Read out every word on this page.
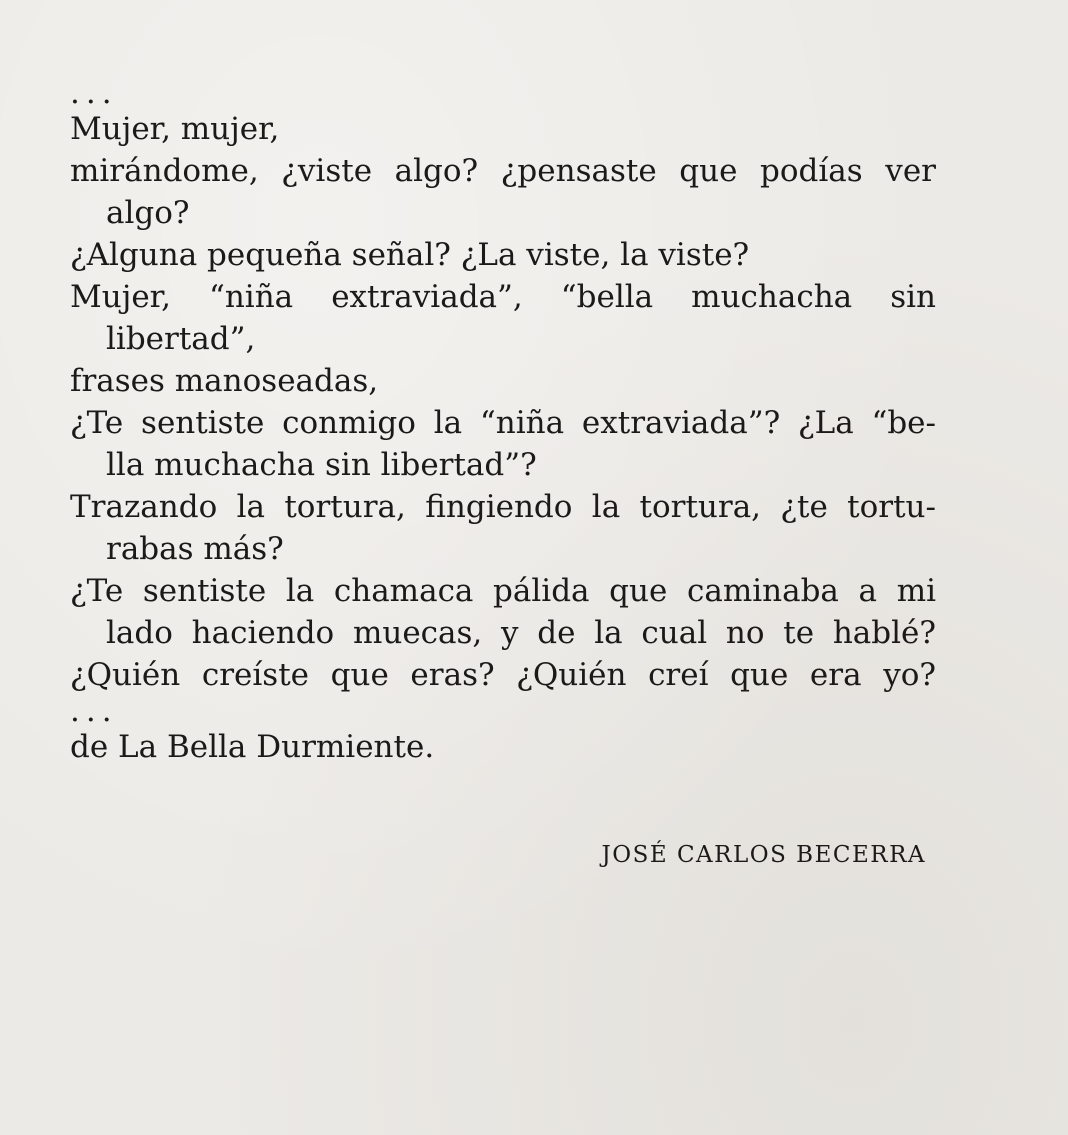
...

Mujer, mujer,

mirándome, ¿viste algo? ¿pensaste que podías ver

algo?

¿Alguna pequeña señal? ¿La viste, la viste?

Mujer, “niña extraviada”, “bella muchacha sin

libertad”,

frases manoseadas,

¿Te sentiste conmigo la “niña extraviada”? ¿La “be-

lla muchacha sin libertad”?

Trazando la tortura, fingiendo la tortura, ¿te tortu-

rabas más?

¿Te sentiste la chamaca pálida que caminaba a mi

lado haciendo muecas, y de la cual no te hablé?

¿Quién creíste que eras? ¿Quién creí que era yo?

...

de La Bella Durmiente.

JOSÉ CARLOS BECERRA
